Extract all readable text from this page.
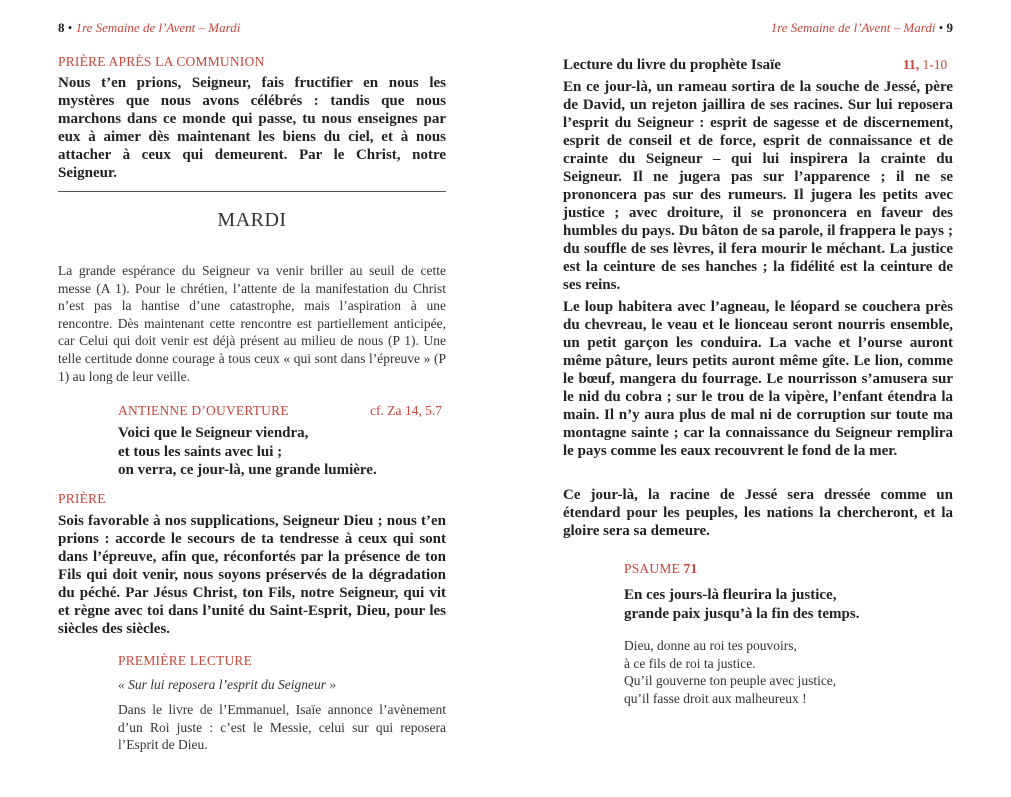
8 • 1re Semaine de l’Avent – Mardi
PRIÈRE APRÈS LA COMMUNION
Nous t’en prions, Seigneur, fais fructifier en nous les mystères que nous avons célébrés : tandis que nous marchons dans ce monde qui passe, tu nous enseignes par eux à aimer dès maintenant les biens du ciel, et à nous attacher à ceux qui demeurent. Par le Christ, notre Seigneur.
MARDI
La grande espérance du Seigneur va venir briller au seuil de cette messe (A 1). Pour le chrétien, l’attente de la manifestation du Christ n’est pas la hantise d’une catastrophe, mais l’aspiration à une rencontre. Dès maintenant cette rencontre est partiellement anticipée, car Celui qui doit venir est déjà présent au milieu de nous (P 1). Une telle certitude donne courage à tous ceux « qui sont dans l’épreuve » (P 1) au long de leur veille.
ANTIENNE D’OUVERTURE	cf. Za 14, 5.7
Voici que le Seigneur viendra,
et tous les saints avec lui ;
on verra, ce jour-là, une grande lumière.
PRIÈRE
Sois favorable à nos supplications, Seigneur Dieu ; nous t’en prions : accorde le secours de ta tendresse à ceux qui sont dans l’épreuve, afin que, réconfortés par la présence de ton Fils qui doit venir, nous soyons préservés de la dégradation du péché. Par Jésus Christ, ton Fils, notre Seigneur, qui vit et règne avec toi dans l’unité du Saint-Esprit, Dieu, pour les siècles des siècles.
PREMIÈRE LECTURE
« Sur lui reposera l’esprit du Seigneur »
Dans le livre de l’Emmanuel, Isaïe annonce l’avènement d’un Roi juste : c’est le Messie, celui sur qui reposera l’Esprit de Dieu.
1re Semaine de l’Avent – Mardi • 9
Lecture du livre du prophète Isaïe	11, 1-10
En ce jour-là, un rameau sortira de la souche de Jessé, père de David, un rejeton jaillira de ses racines. Sur lui reposera l’esprit du Seigneur : esprit de sagesse et de discernement, esprit de conseil et de force, esprit de connaissance et de crainte du Seigneur – qui lui inspirera la crainte du Seigneur. Il ne jugera pas sur l’apparence ; il ne se prononcera pas sur des rumeurs. Il jugera les petits avec justice ; avec droiture, il se prononcera en faveur des humbles du pays. Du bâton de sa parole, il frappera le pays ; du souffle de ses lèvres, il fera mourir le méchant. La justice est la ceinture de ses hanches ; la fidélité est la ceinture de ses reins.
Le loup habitera avec l’agneau, le léopard se couchera près du chevreau, le veau et le lionceau seront nourris ensemble, un petit garçon les conduira. La vache et l’ourse auront même pâture, leurs petits auront même gîte. Le lion, comme le bœuf, mangera du fourrage. Le nourrisson s’amusera sur le nid du cobra ; sur le trou de la vipère, l’enfant étendra la main. Il n’y aura plus de mal ni de corruption sur toute ma montagne sainte ; car la connaissance du Seigneur remplira le pays comme les eaux recouvrent le fond de la mer.
Ce jour-là, la racine de Jessé sera dressée comme un étendard pour les peuples, les nations la chercheront, et la gloire sera sa demeure.
PSAUME 71
En ces jours-là fleurira la justice,
grande paix jusqu’à la fin des temps.
Dieu, donne au roi tes pouvoirs,
à ce fils de roi ta justice.
Qu’il gouverne ton peuple avec justice,
qu’il fasse droit aux malheureux !
